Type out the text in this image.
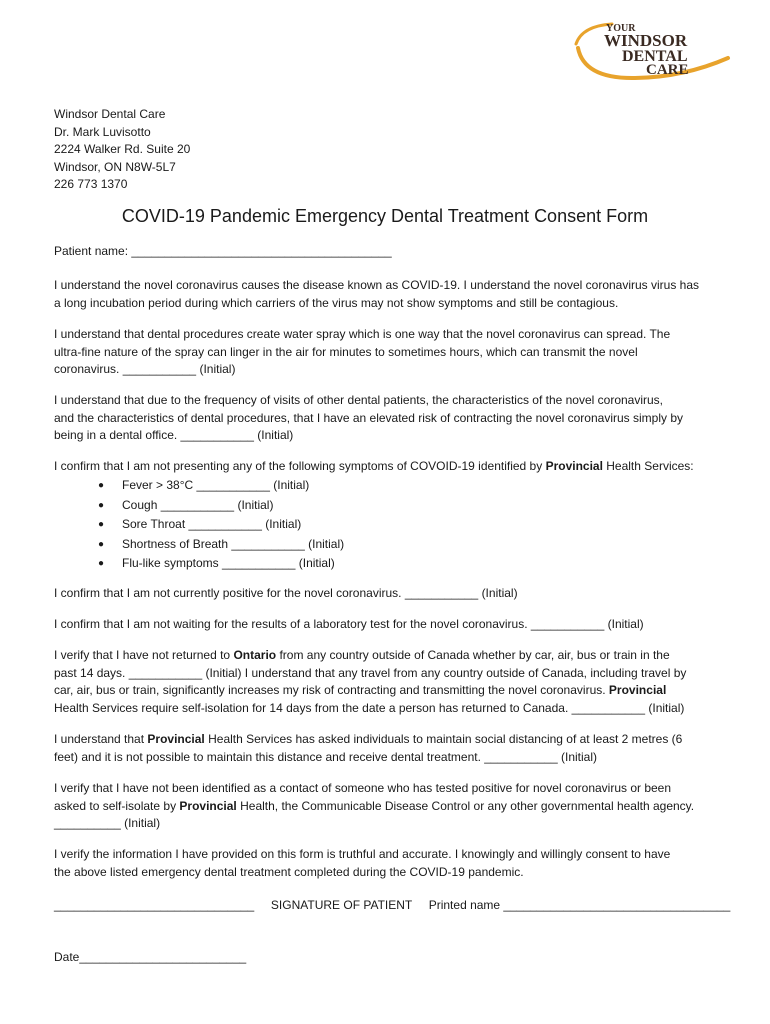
YOUR
WINDSOR
DENTAL
CARE
Windsor Dental Care
Dr. Mark Luvisotto
2224 Walker Rd. Suite 20
Windsor, ON N8W-5L7
226 773 1370
COVID-19 Pandemic Emergency Dental Treatment Consent Form
Patient name: _______________________________________
I understand the novel coronavirus causes the disease known as COVID-19. I understand the novel coronavirus virus has
a long incubation period during which carriers of the virus may not show symptoms and still be contagious.
I understand that dental procedures create water spray which is one way that the novel coronavirus can spread. The
ultra-fine nature of the spray can linger in the air for minutes to sometimes hours, which can transmit the novel
coronavirus. ___________ (Initial)
I understand that due to the frequency of visits of other dental patients, the characteristics of the novel coronavirus,
and the characteristics of dental procedures, that I have an elevated risk of contracting the novel coronavirus simply by
being in a dental office. ___________ (Initial)
I confirm that I am not presenting any of the following symptoms of COVOID-19 identified by Provincial Health Services:
● Fever > 38°C ___________ (Initial)
● Cough ___________ (Initial)
● Sore Throat ___________ (Initial)
● Shortness of Breath ___________ (Initial)
● Flu-like symptoms ___________ (Initial)
I confirm that I am not currently positive for the novel coronavirus. ___________ (Initial)
I confirm that I am not waiting for the results of a laboratory test for the novel coronavirus. ___________ (Initial)
I verify that I have not returned to Ontario from any country outside of Canada whether by car, air, bus or train in the
past 14 days. ___________ (Initial) I understand that any travel from any country outside of Canada, including travel by
car, air, bus or train, significantly increases my risk of contracting and transmitting the novel coronavirus. Provincial
Health Services require self-isolation for 14 days from the date a person has returned to Canada. ___________ (Initial)
I understand that Provincial Health Services has asked individuals to maintain social distancing of at least 2 metres (6
feet) and it is not possible to maintain this distance and receive dental treatment. ___________ (Initial)
I verify that I have not been identified as a contact of someone who has tested positive for novel coronavirus or been
asked to self-isolate by Provincial Health, the Communicable Disease Control or any other governmental health agency.
__________ (Initial)
I verify the information I have provided on this form is truthful and accurate. I knowingly and willingly consent to have
the above listed emergency dental treatment completed during the COVID-19 pandemic.
______________________________ SIGNATURE OF PATIENT Printed name __________________________________
Date_________________________
